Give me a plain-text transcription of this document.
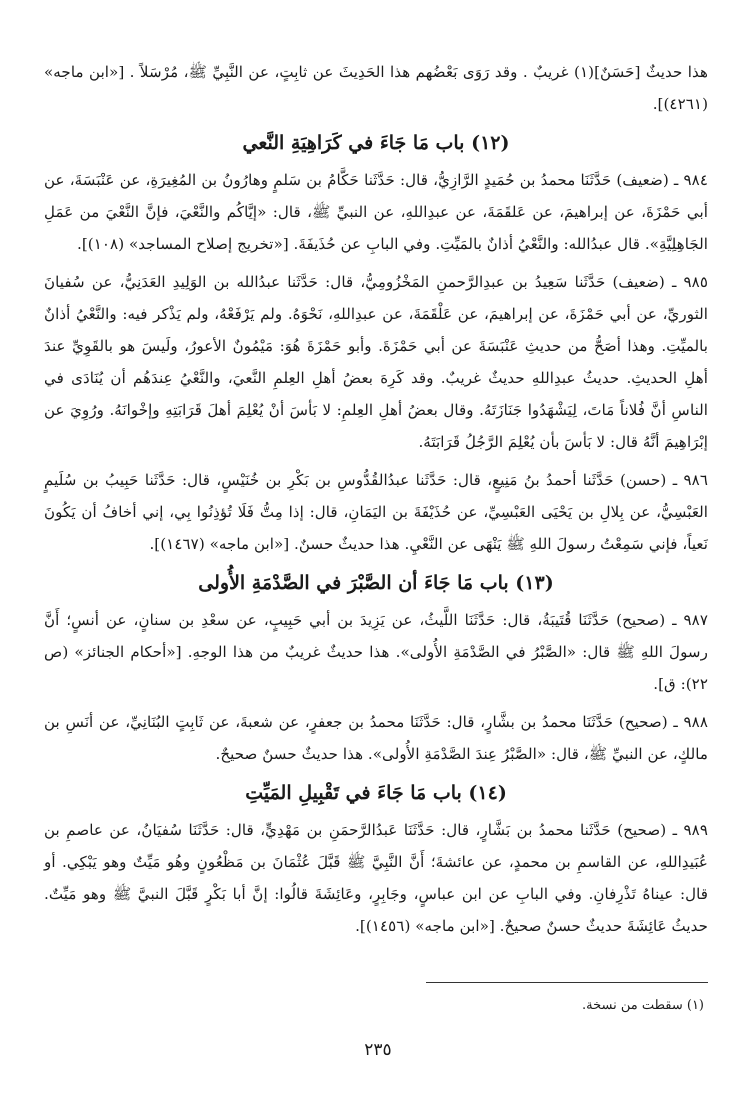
هذا حديثٌ [حَسَنٌ](١) غريبٌ . وقد رَوَى بَعْضُهم هذا الحَدِيثَ عن ثابِتٍ، عن النَّبِيِّ ﷺ، مُرْسَلاً . [«ابن ماجه» (٤٢٦١)].

(١٢) باب مَا جَاءَ في كَرَاهِيَةِ النَّعي

٩٨٤ ـ (ضعيف) حَدَّثَنَا محمدُ بن حُمَيدٍ الرَّازِيُّ، قال: حَدَّثَنا حَكَّامُ بن سَلمٍ وهارُونُ بن المُغِيرَةِ، عن عَنْبَسَةَ، عن أبي حَمْزَةَ، عن إبراهيمَ، عن عَلقَمَةَ، عن عبدِاللهِ، عن النبيِّ ﷺ، قال: «إيَّاكُم والنَّعْيَ، فإنَّ النَّعْيَ من عَمَلِ الجَاهِلِيَّةِ». قال عبدُالله: والنَّعْيُ أذانٌ بالمَيِّتِ. وفي البابِ عن حُذَيفَةَ. [«تخريج إصلاح المساجد» (١٠٨)].

٩٨٥ ـ (ضعيف) حَدَّثَنا سَعِيدُ بن عبدِالرَّحمنِ المَخْزُومِيُّ، قال: حَدَّثَنا عبدُالله بن الوَلِيدِ العَدَنِيُّ، عن سُفيانَ الثوريِّ، عن أبي حَمْزَةَ، عن إبراهيمَ، عن عَلْقَمَةَ، عن عبدِاللهِ، نَحْوَهُ. ولم يَرْفَعْهُ، ولم يَذْكر فيه: والنَّعْيُ أذانٌ بالميِّتِ. وهذا أصَحُّ من حديثِ عَنْبَسَةَ عن أبي حَمْزَةَ. وأبو حَمْزَةَ هُوَ: مَيْمُونٌ الأعورُ، ولَيسَ هو بالقَوِيِّ عندَ أهلِ الحديثِ. حديثُ عبدِاللهِ حديثٌ غريبٌ. وقد كَرِهَ بعضُ أهلِ العِلمِ النَّعيَ، والنَّعْيُ عِندَهُم أن يُنَادَى في الناسِ أنَّ فُلاناً مَاتَ، لِيَشْهَدُوا جَنَازَتَهُ. وقال بعضُ أهلِ العِلمِ: لا بَأسَ أنْ يُعْلِمَ أهلَ قَرَابَتِهِ وإخْوانَهُ. ورُوِيَ عن إبْرَاهِيمَ أنَّهُ قال: لا بَأسَ بأن يُعْلِمَ الرَّجُلُ قَرَابَتَهُ.

٩٨٦ ـ (حسن) حَدَّثَنا أحمدُ بنُ مَنِيعٍ، قال: حَدَّثَنا عبدُالقُدُّوسِ بن بَكْرِ بن خُنَيْسٍ، قال: حَدَّثَنا حَبِيبُ بن سُلَيمٍ العَبْسِيُّ، عن بِلالِ بن يَحْيَى العَبْسِيِّ، عن حُذَيْفَةَ بن اليَمَانِ، قال: إذا مِتُّ فَلَا تُؤذِنُوا بِي، إني أخافُ أن يَكُونَ نَعياً، فإني سَمِعْتُ رسولَ اللهِ ﷺ يَنْهَى عن النَّعْيِ. هذا حديثٌ حسنٌ. [«ابن ماجه» (١٤٦٧)].

(١٣) باب مَا جَاءَ أن الصَّبْرَ في الصَّدْمَةِ الأُولى

٩٨٧ ـ (صحيح) حَدَّثَنَا قُتَيبَةُ، قال: حَدَّثَنَا اللَّيثُ، عن يَزِيدَ بن أبي حَبِيبٍ، عن سعْدِ بن سنانٍ، عن أنسٍ؛ أَنَّ رسولَ اللهِ ﷺ قال: «الصَّبْرُ في الصَّدْمَةِ الأُولى». هذا حديثٌ غريبٌ من هذا الوجهِ. [«أحكام الجنائز» (ص ٢٢): ق].

٩٨٨ ـ (صحيح) حَدَّثَنَا محمدُ بن بشَّارٍ، قال: حَدَّثَنَا محمدُ بن جعفرٍ، عن شعبةَ، عن ثَابِتٍ البُنَانِيِّ، عن أنَسِ بن مالكٍ، عن النبيِّ ﷺ، قال: «الصَّبْرُ عِندَ الصَّدْمَةِ الأُولى». هذا حديثٌ حسنٌ صحيحٌ.

(١٤) باب مَا جَاءَ في تَقْبِيلِ المَيِّتِ

٩٨٩ ـ (صحيح) حَدَّثَنا محمدُ بن بَشَّارٍ، قال: حَدَّثَنَا عَبدُالرَّحمَنِ بن مَهْدِيٍّ، قال: حَدَّثَنَا سُفيَانُ، عن عاصمِ بن عُبَيدِاللهِ، عن القاسمِ بن محمدٍ، عن عائشةَ؛ أَنَّ النَّبِيَّ ﷺ قَبَّلَ عُثْمَانَ بن مَظْعُونٍ وهُو مَيِّتٌ وهو يَبْكِي. أو قال: عيناهُ تَذْرِفانِ. وفي البابِ عن ابن عباسٍ، وجَابِرٍ، وعَائِشَةَ قالُوا: إنَّ أبا بَكْرٍ قَبَّلَ النبيَّ ﷺ وهو مَيِّتٌ. حديثُ عَائِشَةَ حديثٌ حسنٌ صحيحٌ. [«ابن ماجه» (١٤٥٦)].

(١) سقطت من نسخة.
٢٣٥
